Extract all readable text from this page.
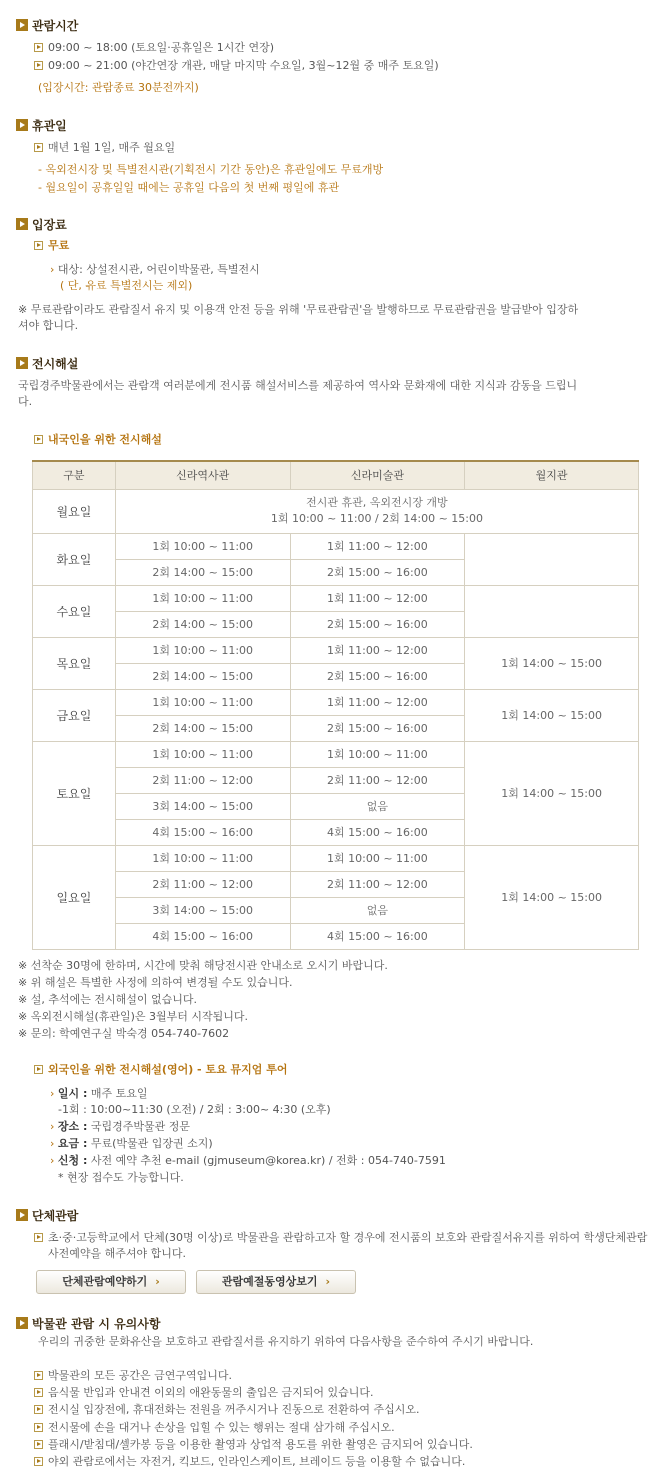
관람시간
09:00 ~ 18:00 (토요일·공휴일은 1시간 연장)
09:00 ~ 21:00 (야간연장 개관, 매달 마지막 수요일, 3월~12월 중 매주 토요일)
(입장시간: 관람종료 30분전까지)
휴관일
매년 1월 1일, 매주 월요일
- 옥외전시장 및 특별전시관(기획전시 기간 동안)은 휴관일에도 무료개방
- 월요일이 공휴일일 때에는 공휴일 다음의 첫 번째 평일에 휴관
입장료
무료
› 대상: 상설전시관, 어린이박물관, 특별전시
( 단, 유료 특별전시는 제외)
※ 무료관람이라도 관람질서 유지 및 이용객 안전 등을 위해 '무료관람권'을 발행하므로 무료관람권을 발급받아 입장하
셔야 합니다.
전시해설
국립경주박물관에서는 관람객 여러분에게 전시품 해설서비스를 제공하여 역사와 문화재에 대한 지식과 감동을 드립니
다.
내국인을 위한 전시해설
구분	신라역사관	신라미술관	월지관
월요일	전시관 휴관, 옥외전시장 개방
1회 10:00 ~ 11:00 / 2회 14:00 ~ 15:00		

화요일	1회 10:00 ~ 11:00	1회 11:00 ~ 12:00	
	2회 14:00 ~ 15:00	2회 15:00 ~ 16:00	
수요일	1회 10:00 ~ 11:00	1회 11:00 ~ 12:00	
	2회 14:00 ~ 15:00	2회 15:00 ~ 16:00	
목요일	1회 10:00 ~ 11:00	1회 11:00 ~ 12:00	1회 14:00 ~ 15:00
	2회 14:00 ~ 15:00	2회 15:00 ~ 16:00	
금요일	1회 10:00 ~ 11:00	1회 11:00 ~ 12:00	1회 14:00 ~ 15:00
	2회 14:00 ~ 15:00	2회 15:00 ~ 16:00	
토요일	1회 10:00 ~ 11:00	1회 10:00 ~ 11:00	1회 14:00 ~ 15:00
	2회 11:00 ~ 12:00	2회 11:00 ~ 12:00	
	3회 14:00 ~ 15:00	없음	
	4회 15:00 ~ 16:00	4회 15:00 ~ 16:00	
일요일	1회 10:00 ~ 11:00	1회 10:00 ~ 11:00	1회 14:00 ~ 15:00
	2회 11:00 ~ 12:00	2회 11:00 ~ 12:00	
	3회 14:00 ~ 15:00	없음	
	4회 15:00 ~ 16:00	4회 15:00 ~ 16:00	
※ 선착순 30명에 한하며, 시간에 맞춰 해당전시관 안내소로 오시기 바랍니다.
※ 위 해설은 특별한 사정에 의하여 변경될 수도 있습니다.
※ 설, 추석에는 전시해설이 없습니다.
※ 옥외전시해설(휴관일)은 3월부터 시작됩니다.
※ 문의: 학예연구실 박숙경 054-740-7602
외국인을 위한 전시해설(영어) - 토요 뮤지엄 투어
› 일시 : 매주 토요일
-1회 : 10:00~11:30 (오전) / 2회 : 3:00~ 4:30 (오후)
› 장소 : 국립경주박물관 정문
› 요금 : 무료(박물관 입장권 소지)
› 신청 : 사전 예약 추천 e-mail (gjmuseum@korea.kr) / 전화 : 054-740-7591
* 현장 접수도 가능합니다.
단체관람
초·중·고등학교에서 단체(30명 이상)로 박물관을 관람하고자 할 경우에 전시품의 보호와 관람질서유지를 위하여 학생단체관람
사전예약을 해주셔야 합니다.
단체관람예약하기 ›	관람예절동영상보기 ›
박물관 관람 시 유의사항
우리의 귀중한 문화유산을 보호하고 관람질서를 유지하기 위하여 다음사항을 준수하여 주시기 바랍니다.
박물관의 모든 공간은 금연구역입니다.
음식물 반입과 안내견 이외의 애완동물의 출입은 금지되어 있습니다.
전시실 입장전에, 휴대전화는 전원을 꺼주시거나 진동으로 전환하여 주십시오.
전시물에 손을 대거나 손상을 입힐 수 있는 행위는 절대 삼가해 주십시오.
플래시/받침대/셀카봉 등을 이용한 촬영과 상업적 용도를 위한 촬영은 금지되어 있습니다.
야외 관람로에서는 자전거, 킥보드, 인라인스케이트, 브레이드 등을 이용할 수 없습니다.
